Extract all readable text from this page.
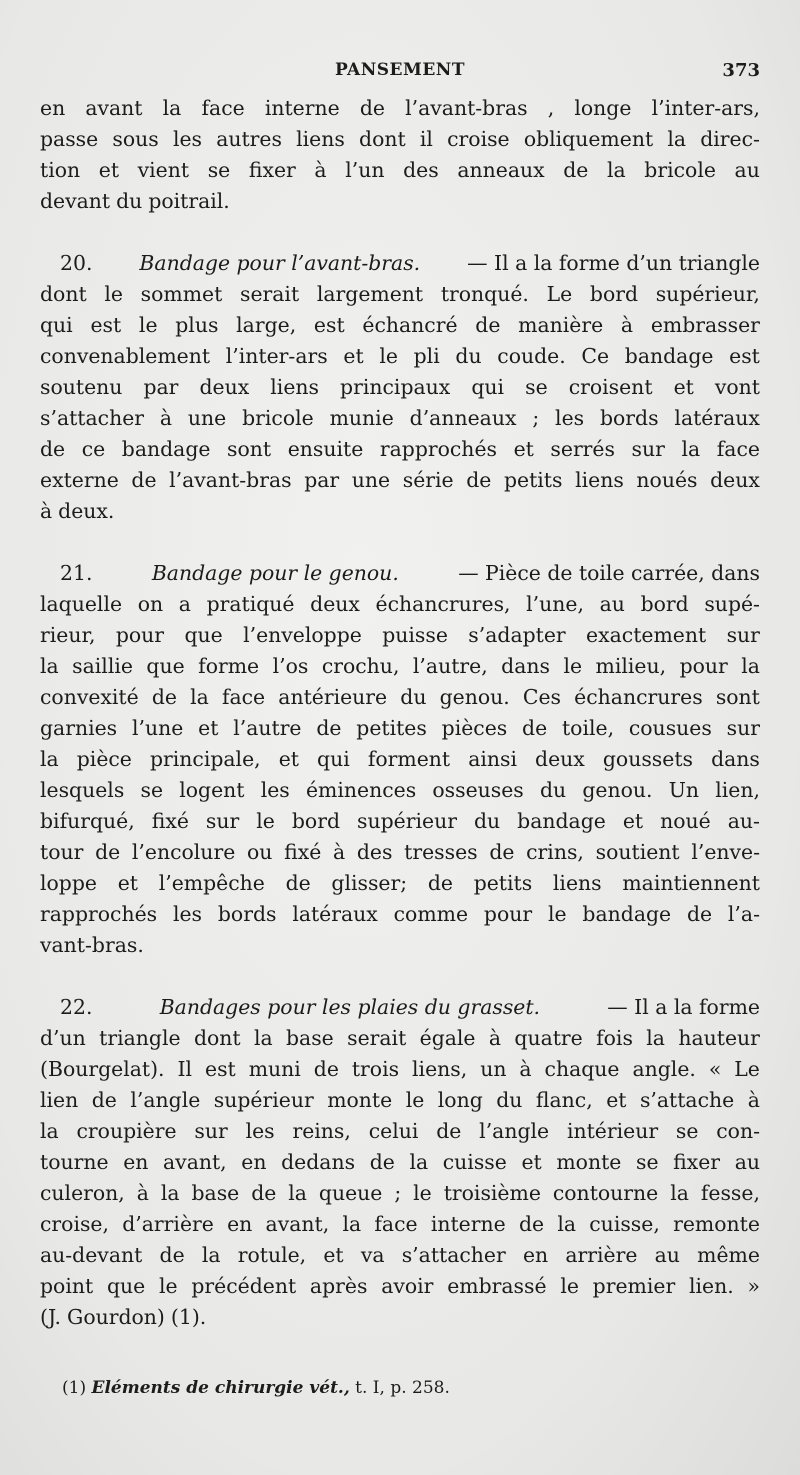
PANSEMENT	373
en avant la face interne de l’avant-bras , longe l’inter-ars,
passe sous les autres liens dont il croise obliquement la direc-
tion et vient se fixer à l’un des anneaux de la bricole au
devant du poitrail.
20. Bandage pour l’avant-bras. — Il a la forme d’un triangle
dont le sommet serait largement tronqué. Le bord supérieur,
qui est le plus large, est échancré de manière à embrasser
convenablement l’inter-ars et le pli du coude. Ce bandage est
soutenu par deux liens principaux qui se croisent et vont
s’attacher à une bricole munie d’anneaux ; les bords latéraux
de ce bandage sont ensuite rapprochés et serrés sur la face
externe de l’avant-bras par une série de petits liens noués deux
à deux.
21.	Bandage pour le genou.	— Pièce de toile carrée, dans
laquelle on a pratiqué deux échancrures, l’une, au bord supé-
rieur, pour que l’enveloppe puisse s’adapter exactement sur
la saillie que forme l’os crochu, l’autre, dans le milieu, pour la
convexité de la face antérieure du genou. Ces échancrures sont
garnies l’une et l’autre de petites pièces de toile, cousues sur
la pièce principale, et qui forment ainsi deux goussets dans
lesquels se logent les éminences osseuses du genou. Un lien,
bifurqué, fixé sur le bord supérieur du bandage et noué au-
tour de l’encolure ou fixé à des tresses de crins, soutient l’enve-
loppe et l’empêche de glisser; de petits liens maintiennent
rapprochés les bords latéraux comme pour le bandage de l’a-
vant-bras.
22.	Bandages pour les plaies du grasset.	— Il a la forme
d’un triangle dont la base serait égale à quatre fois la hauteur
(Bourgelat). Il est muni de trois liens, un à chaque angle. « Le
lien de l’angle supérieur monte le long du flanc, et s’attache à
la croupière sur les reins, celui de l’angle intérieur se con-
tourne en avant, en dedans de la cuisse et monte se fixer au
culeron, à la base de la queue ; le troisième contourne la fesse,
croise, d’arrière en avant, la face interne de la cuisse, remonte
au-devant de la rotule, et va s’attacher en arrière au même
point que le précédent après avoir embrassé le premier lien. »
(J. Gourdon) (1).
(1) Eléments de chirurgie vét., t. I, p. 258.
